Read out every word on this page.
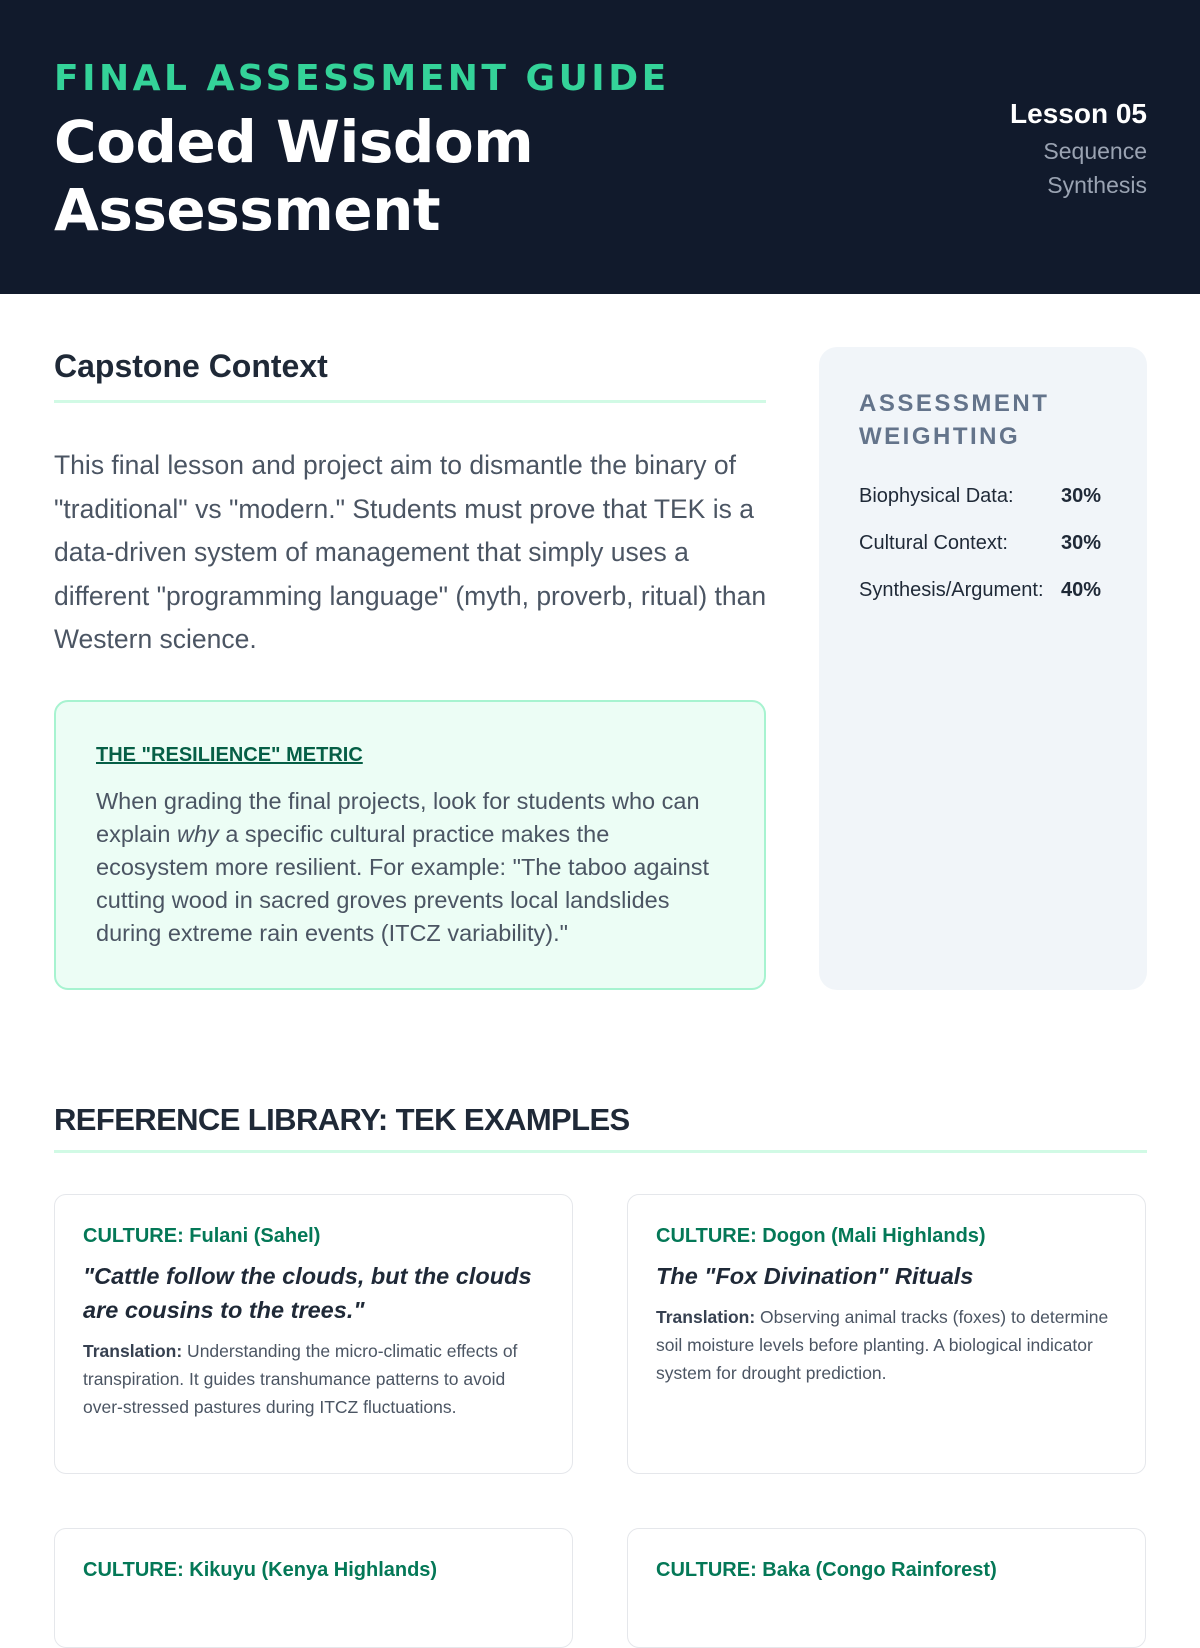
FINAL ASSESSMENT GUIDE
Coded Wisdom Assessment
Lesson 05
Sequence
Synthesis
Capstone Context
This final lesson and project aim to dismantle the binary of "traditional" vs "modern." Students must prove that TEK is a data-driven system of management that simply uses a different "programming language" (myth, proverb, ritual) than Western science.
THE "RESILIENCE" METRIC
When grading the final projects, look for students who can explain why a specific cultural practice makes the ecosystem more resilient. For example: "The taboo against cutting wood in sacred groves prevents local landslides during extreme rain events (ITCZ variability)."
ASSESSMENT WEIGHTING
Biophysical Data: 30%
Cultural Context:	30%
Synthesis/Argument: 40%
REFERENCE LIBRARY: TEK EXAMPLES
CULTURE: Fulani (Sahel)
"Cattle follow the clouds, but the clouds are cousins to the trees."
Translation: Understanding the micro-climatic effects of transpiration. It guides transhumance patterns to avoid over-stressed pastures during ITCZ fluctuations.
CULTURE: Dogon (Mali Highlands)
The "Fox Divination" Rituals
Translation: Observing animal tracks (foxes) to determine soil moisture levels before planting. A biological indicator system for drought prediction.
CULTURE: Kikuyu (Kenya Highlands)	CULTURE: Baka (Congo Rainforest)
